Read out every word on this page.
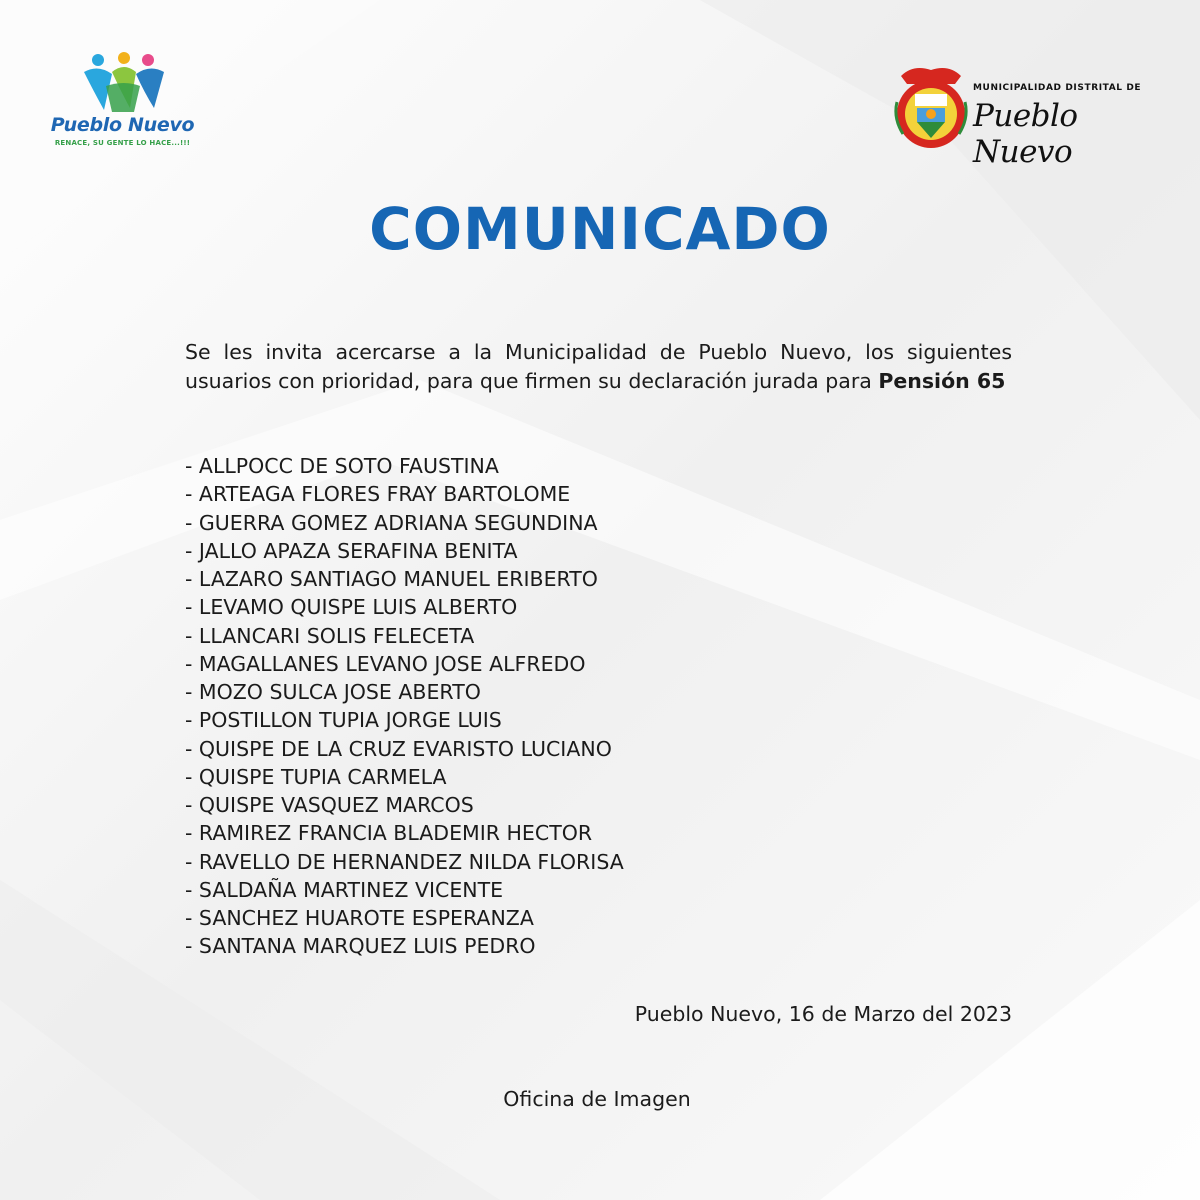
Pueblo Nuevo
RENACE, SU GENTE LO HACE...!!!
MUNICIPALIDAD DISTRITAL DE
Pueblo Nuevo
COMUNICADO
Se les invita acercarse a la Municipalidad de Pueblo Nuevo, los siguientes usuarios con prioridad, para que firmen su declaración jurada para Pensión 65
- ALLPOCC DE SOTO FAUSTINA
- ARTEAGA FLORES FRAY BARTOLOME
- GUERRA GOMEZ ADRIANA SEGUNDINA
- JALLO APAZA SERAFINA BENITA
- LAZARO SANTIAGO MANUEL ERIBERTO
- LEVAMO QUISPE LUIS ALBERTO
- LLANCARI SOLIS FELECETA
- MAGALLANES LEVANO JOSE ALFREDO
- MOZO SULCA JOSE ABERTO
- POSTILLON TUPIA JORGE LUIS
- QUISPE DE LA CRUZ EVARISTO LUCIANO
- QUISPE TUPIA CARMELA
- QUISPE VASQUEZ MARCOS
- RAMIREZ FRANCIA BLADEMIR HECTOR
- RAVELLO DE HERNANDEZ NILDA FLORISA
- SALDAÑA MARTINEZ VICENTE
- SANCHEZ HUAROTE ESPERANZA
- SANTANA MARQUEZ LUIS PEDRO
Pueblo Nuevo, 16 de Marzo del 2023
Oficina de Imagen
